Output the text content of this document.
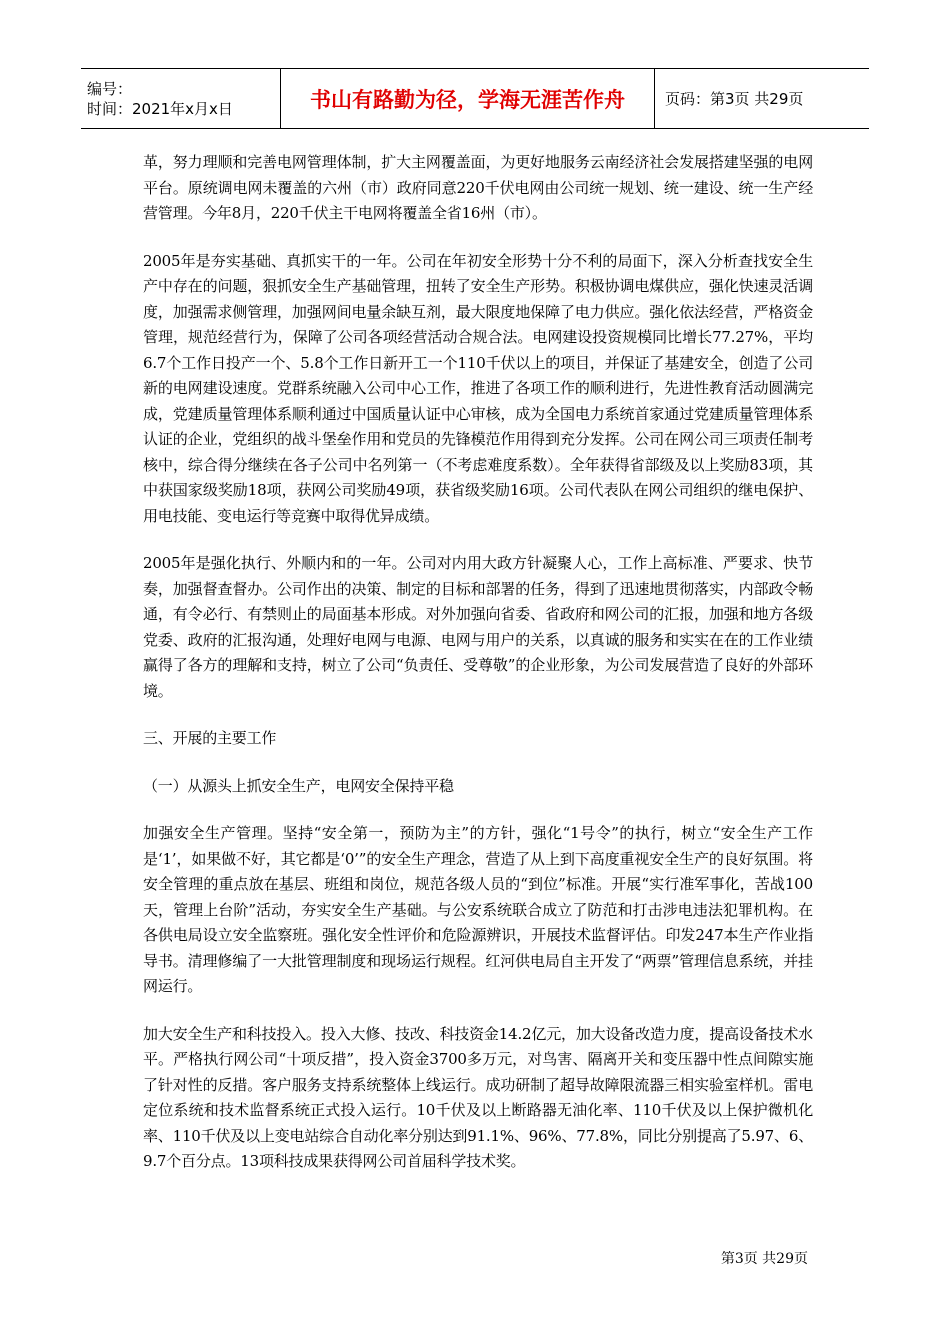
编号：
时间：2021年x月x日	书山有路勤为径，学海无涯苦作舟	页码：第3页 共29页

革，努力理顺和完善电网管理体制，扩大主网覆盖面，为更好地服务云南经济社会发展搭建坚强的电网平台。原统调电网未覆盖的六州（市）政府同意220千伏电网由公司统一规划、统一建设、统一生产经营管理。今年8月，220千伏主干电网将覆盖全省16州（市）。

2005年是夯实基础、真抓实干的一年。公司在年初安全形势十分不利的局面下，深入分析查找安全生产中存在的问题，狠抓安全生产基础管理，扭转了安全生产形势。积极协调电煤供应，强化快速灵活调度，加强需求侧管理，加强网间电量余缺互剂，最大限度地保障了电力供应。强化依法经营，严格资金管理，规范经营行为，保障了公司各项经营活动合规合法。电网建设投资规模同比增长77.27%，平均6.7个工作日投产一个、5.8个工作日新开工一个110千伏以上的项目，并保证了基建安全，创造了公司新的电网建设速度。党群系统融入公司中心工作，推进了各项工作的顺利进行，先进性教育活动圆满完成，党建质量管理体系顺利通过中国质量认证中心审核，成为全国电力系统首家通过党建质量管理体系认证的企业，党组织的战斗堡垒作用和党员的先锋模范作用得到充分发挥。公司在网公司三项责任制考核中，综合得分继续在各子公司中名列第一（不考虑难度系数）。全年获得省部级及以上奖励83项，其中获国家级奖励18项，获网公司奖励49项，获省级奖励16项。公司代表队在网公司组织的继电保护、用电技能、变电运行等竞赛中取得优异成绩。

2005年是强化执行、外顺内和的一年。公司对内用大政方针凝聚人心，工作上高标准、严要求、快节奏，加强督查督办。公司作出的决策、制定的目标和部署的任务，得到了迅速地贯彻落实，内部政令畅通，有令必行、有禁则止的局面基本形成。对外加强向省委、省政府和网公司的汇报，加强和地方各级党委、政府的汇报沟通，处理好电网与电源、电网与用户的关系，以真诚的服务和实实在在的工作业绩赢得了各方的理解和支持，树立了公司“负责任、受尊敬”的企业形象，为公司发展营造了良好的外部环境。

三、开展的主要工作

（一）从源头上抓安全生产，电网安全保持平稳

加强安全生产管理。坚持“安全第一，预防为主”的方针，强化“1号令”的执行，树立“安全生产工作是‘1’，如果做不好，其它都是‘0’”的安全生产理念，营造了从上到下高度重视安全生产的良好氛围。将安全管理的重点放在基层、班组和岗位，规范各级人员的“到位”标准。开展“实行准军事化，苦战100天，管理上台阶”活动，夯实安全生产基础。与公安系统联合成立了防范和打击涉电违法犯罪机构。在各供电局设立安全监察班。强化安全性评价和危险源辨识，开展技术监督评估。印发247本生产作业指导书。清理修编了一大批管理制度和现场运行规程。红河供电局自主开发了“两票”管理信息系统，并挂网运行。

加大安全生产和科技投入。投入大修、技改、科技资金14.2亿元，加大设备改造力度，提高设备技术水平。严格执行网公司“十项反措”，投入资金3700多万元，对鸟害、隔离开关和变压器中性点间隙实施了针对性的反措。客户服务支持系统整体上线运行。成功研制了超导故障限流器三相实验室样机。雷电定位系统和技术监督系统正式投入运行。10千伏及以上断路器无油化率、110千伏及以上保护微机化率、110千伏及以上变电站综合自动化率分别达到91.1%、96%、77.8%，同比分别提高了5.97、6、9.7个百分点。13项科技成果获得网公司首届科学技术奖。

第3页 共29页
